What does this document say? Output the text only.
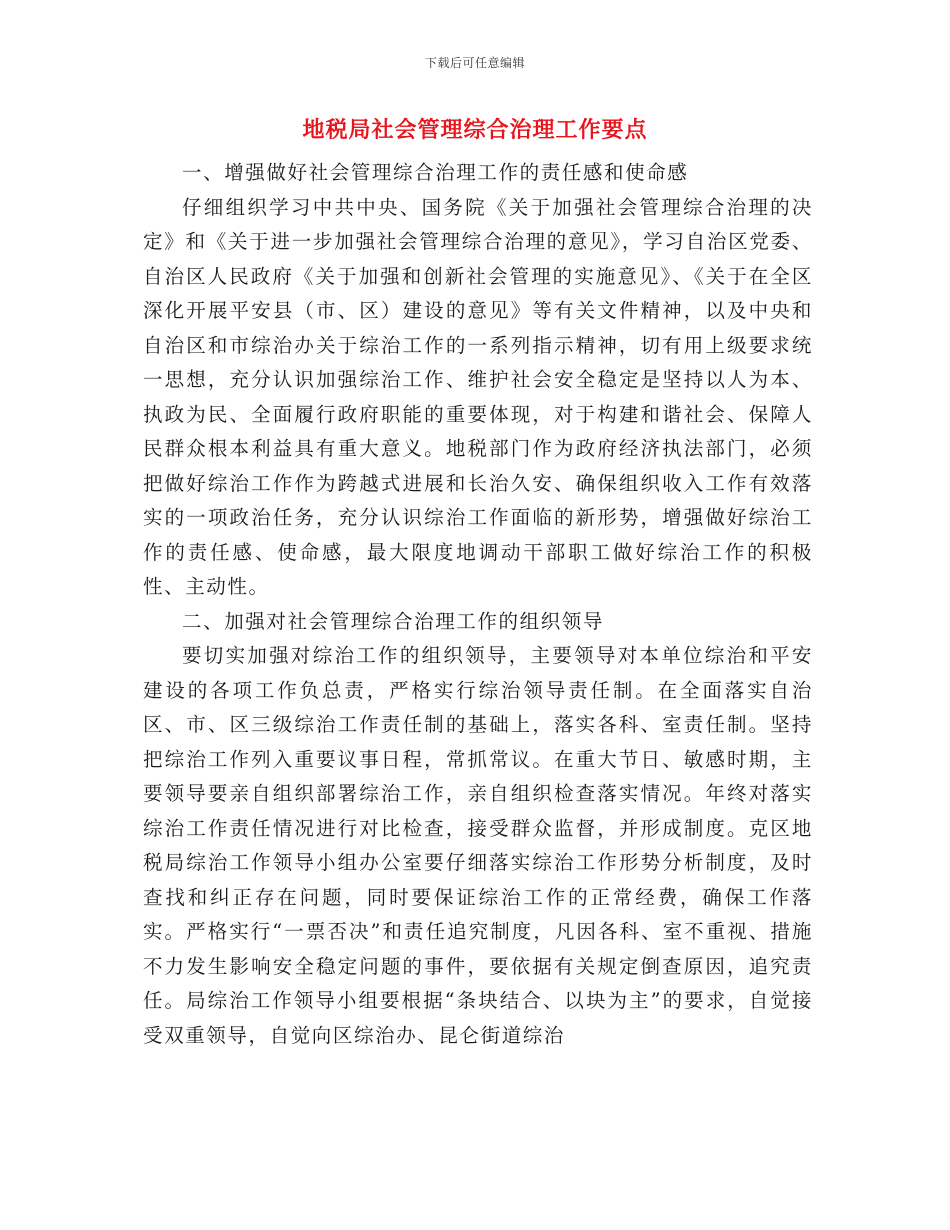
下载后可任意编辑
地税局社会管理综合治理工作要点

一、增强做好社会管理综合治理工作的责任感和使命感

仔细组织学习中共中央、国务院《关于加强社会管理综合治理的决定》和《关于进一步加强社会管理综合治理的意见》，学习自治区党委、自治区人民政府《关于加强和创新社会管理的实施意见》、《关于在全区深化开展平安县（市、区）建设的意见》等有关文件精神，以及中央和自治区和市综治办关于综治工作的一系列指示精神，切有用上级要求统一思想，充分认识加强综治工作、维护社会安全稳定是坚持以人为本、执政为民、全面履行政府职能的重要体现，对于构建和谐社会、保障人民群众根本利益具有重大意义。地税部门作为政府经济执法部门，必须把做好综治工作作为跨越式进展和长治久安、确保组织收入工作有效落实的一项政治任务，充分认识综治工作面临的新形势，增强做好综治工作的责任感、使命感，最大限度地调动干部职工做好综治工作的积极性、主动性。

二、加强对社会管理综合治理工作的组织领导

要切实加强对综治工作的组织领导，主要领导对本单位综治和平安建设的各项工作负总责，严格实行综治领导责任制。在全面落实自治区、市、区三级综治工作责任制的基础上，落实各科、室责任制。坚持把综治工作列入重要议事日程，常抓常议。在重大节日、敏感时期，主要领导要亲自组织部署综治工作，亲自组织检查落实情况。年终对落实综治工作责任情况进行对比检查，接受群众监督，并形成制度。克区地税局综治工作领导小组办公室要仔细落实综治工作形势分析制度，及时查找和纠正存在问题，同时要保证综治工作的正常经费，确保工作落实。严格实行“一票否决”和责任追究制度，凡因各科、室不重视、措施不力发生影响安全稳定问题的事件，要依据有关规定倒查原因，追究责任。局综治工作领导小组要根据“条块结合、以块为主”的要求，自觉接受双重领导，自觉向区综治办、昆仑街道综治
